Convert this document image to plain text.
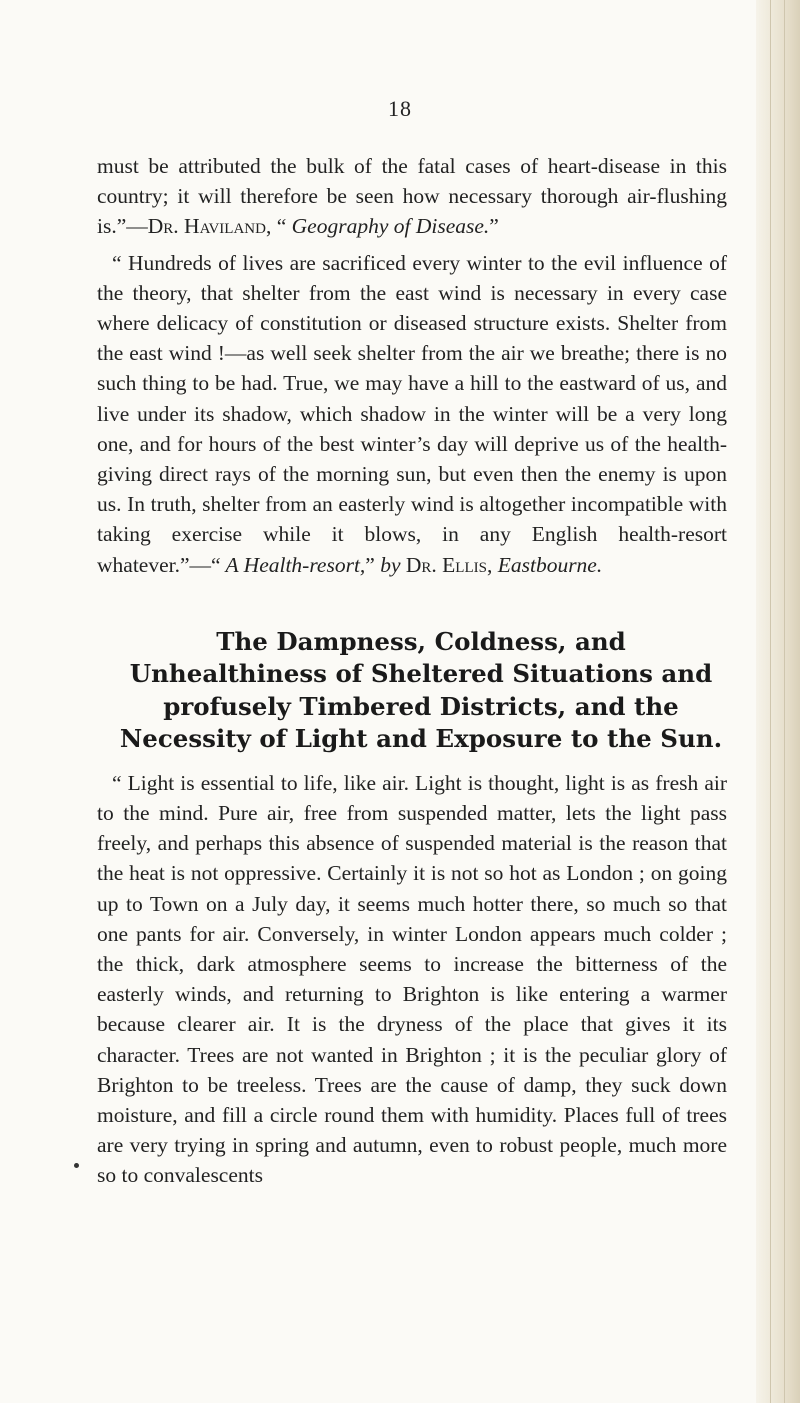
18

must be attributed the bulk of the fatal cases of heart-disease in this country; it will therefore be seen how necessary thorough air-flushing is.”—Dr. Haviland, “ Geography of Disease.”

“ Hundreds of lives are sacrificed every winter to the evil influence of the theory, that shelter from the east wind is necessary in every case where delicacy of constitution or diseased structure exists. Shelter from the east wind !—as well seek shelter from the air we breathe; there is no such thing to be had. True, we may have a hill to the eastward of us, and live under its shadow, which shadow in the winter will be a very long one, and for hours of the best winter’s day will deprive us of the health-giving direct rays of the morning sun, but even then the enemy is upon us. In truth, shelter from an easterly wind is altogether incompatible with taking exercise while it blows, in any English health-resort whatever.”—“ A Health-resort,” by Dr. Ellis, Eastbourne.

The Dampness, Coldness, and Unhealthiness of Sheltered Situations and profusely Timbered Districts, and the Necessity of Light and Exposure to the Sun.

“ Light is essential to life, like air. Light is thought, light is as fresh air to the mind. Pure air, free from suspended matter, lets the light pass freely, and perhaps this absence of suspended material is the reason that the heat is not oppressive. Certainly it is not so hot as London ; on going up to Town on a July day, it seems much hotter there, so much so that one pants for air. Conversely, in winter London appears much colder ; the thick, dark atmosphere seems to increase the bitterness of the easterly winds, and returning to Brighton is like entering a warmer because clearer air. It is the dryness of the place that gives it its character. Trees are not wanted in Brighton ; it is the peculiar glory of Brighton to be treeless. Trees are the cause of damp, they suck down moisture, and fill a circle round them with humidity. Places full of trees are very trying in spring and autumn, even to robust people, much more so to convalescents
